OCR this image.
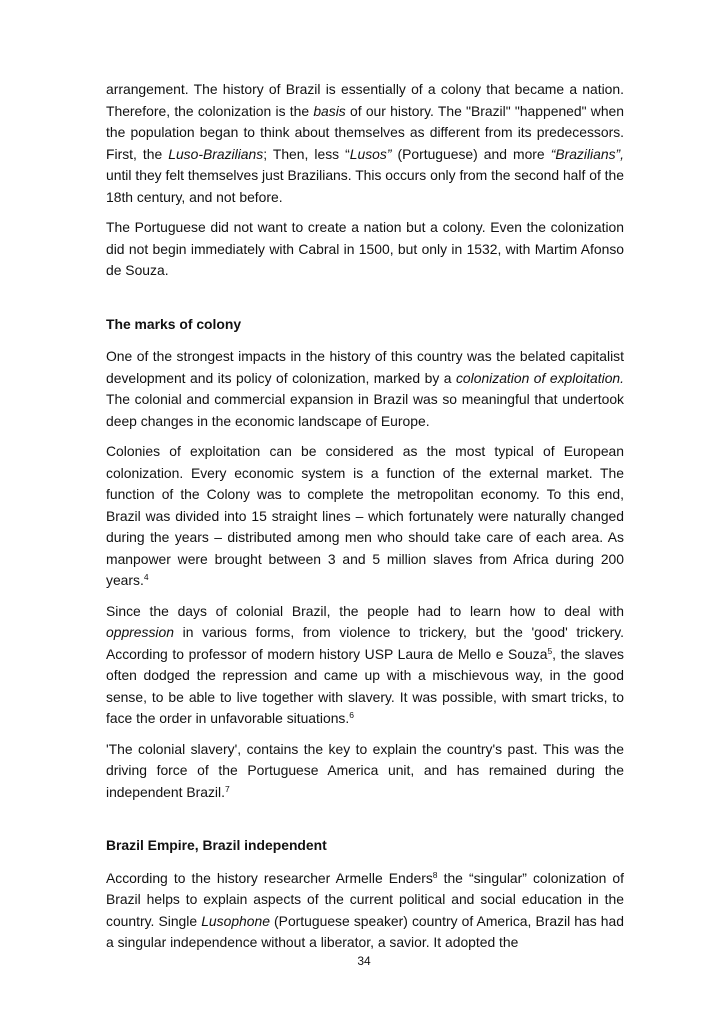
arrangement. The history of Brazil is essentially of a colony that became a nation. Therefore, the colonization is the basis of our history. The "Brazil" "happened" when the population began to think about themselves as different from its predecessors. First, the Luso-Brazilians; Then, less “Lusos” (Portuguese) and more “Brazilians”, until they felt themselves just Brazilians. This occurs only from the second half of the 18th century, and not before.

The Portuguese did not want to create a nation but a colony. Even the colonization did not begin immediately with Cabral in 1500, but only in 1532, with Martim Afonso de Souza.

The marks of colony

One of the strongest impacts in the history of this country was the belated capitalist development and its policy of colonization, marked by a colonization of exploitation. The colonial and commercial expansion in Brazil was so meaningful that undertook deep changes in the economic landscape of Europe.

Colonies of exploitation can be considered as the most typical of European colonization. Every economic system is a function of the external market. The function of the Colony was to complete the metropolitan economy. To this end, Brazil was divided into 15 straight lines – which fortunately were naturally changed during the years – distributed among men who should take care of each area. As manpower were brought between 3 and 5 million slaves from Africa during 200 years.$^4$

Since the days of colonial Brazil, the people had to learn how to deal with oppression in various forms, from violence to trickery, but the 'good' trickery. According to professor of modern history USP Laura de Mello e Souza$^5$, the slaves often dodged the repression and came up with a mischievous way, in the good sense, to be able to live together with slavery. It was possible, with smart tricks, to face the order in unfavorable situations.$^6$

'The colonial slavery', contains the key to explain the country's past. This was the driving force of the Portuguese America unit, and has remained during the independent Brazil.$^7$

Brazil Empire, Brazil independent

According to the history researcher Armelle Enders$^8$ the “singular” colonization of Brazil helps to explain aspects of the current political and social education in the country. Single Lusophone (Portuguese speaker) country of America, Brazil has had a singular independence without a liberator, a savior. It adopted the

34
